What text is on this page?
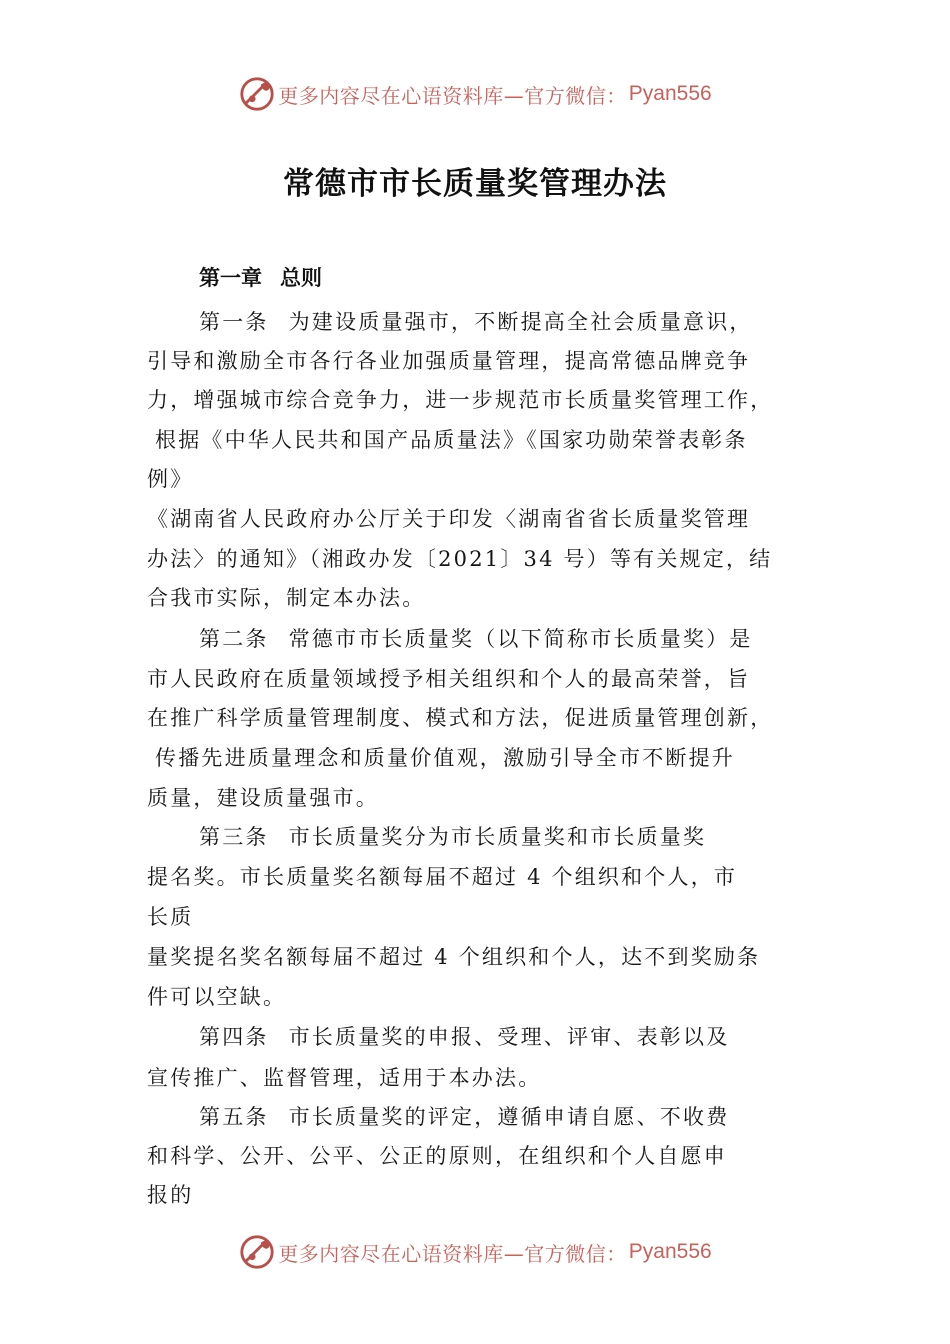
更多内容尽在心语资料库—官方微信： Pyan556
常德市市长质量奖管理办法
第一章 总则
第一条 为建设质量强市，不断提高全社会质量意识，
引导和激励全市各行各业加强质量管理，提高常德品牌竞争
力，增强城市综合竞争力，进一步规范市长质量奖管理工作，
根据《中华人民共和国产品质量法》《国家功勋荣誉表彰条
例》
《湖南省人民政府办公厅关于印发〈湖南省省长质量奖管理
办法〉的通知》（湘政办发〔2021〕34 号）等有关规定，结
合我市实际，制定本办法。
第二条 常德市市长质量奖（以下简称市长质量奖）是
市人民政府在质量领域授予相关组织和个人的最高荣誉，旨
在推广科学质量管理制度、模式和方法，促进质量管理创新，
传播先进质量理念和质量价值观，激励引导全市不断提升
质量，建设质量强市。
第三条 市长质量奖分为市长质量奖和市长质量奖
提名奖。市长质量奖名额每届不超过 4 个组织和个人，市
长质
量奖提名奖名额每届不超过 4 个组织和个人，达不到奖励条
件可以空缺。
第四条 市长质量奖的申报、受理、评审、表彰以及
宣传推广、监督管理，适用于本办法。
第五条 市长质量奖的评定，遵循申请自愿、不收费
和科学、公开、公平、公正的原则，在组织和个人自愿申
报的
更多内容尽在心语资料库—官方微信： Pyan556
